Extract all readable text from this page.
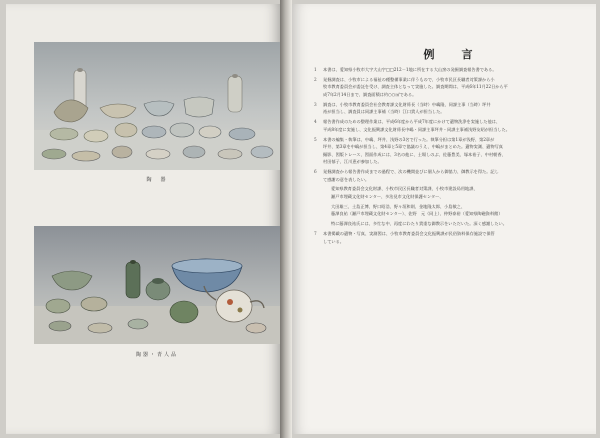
陶　器
陶器・青人品
例　言
1	本書は、愛知県小牧市大字大山字□□212－1地に所在する大山窯の発掘調査報告書である。
2	発掘調査は、小牧市による福祉の種整備事業に伴うもので、小牧市民区長職者対策課から小
牧市教育委員会が委託を受け、調査主体となって実施した。調査期間は、平成6年11月22日から平
成7年2月14日まで、調査面積は約○○㎡である。
3	調査は、小牧市教育委員会社会教育課文化財係長（当時）中嶋隆、同課主事（当時）坪井
裕が担当し、調査員は同課主事補（当時）江口貴人が担当した。
4	報告書作成のための整理作業は、平成6年度から平成7年度にかけて遺物洗浄を実施した他は、
平成8年度に実施し、文化振興課文化財係長中嶋・同課主事坪井・同課主事補浅野友昭が担当した。
5	本書の編集・執筆は、中嶋、坪井、浅野の3名で行った。執筆分担は第1章が浅野、第2章が
坪井、第3章を中嶋が担当し、第4章と5章で協議のうえ、中嶋がまとめた。遺物実測、遺物写真
撮影、図版トレース、図面作成には、3名の他に、土場しのぶ、佐藤豊美、塚本裕子、中村朝香、
村田郁子、江川恵が参加した。
6	発掘調査から報告書作成までの過程で、次の機関並びに個人から御協力、御教示を得た。記し
て感謝の意を表したい。
愛知県教育委員会文化財課、小牧市民区長職者対策課、小牧市建設局用地課、
瀬戸市埋蔵文化財センター、多治見市文化財保護センター、
大田雄三、土島正博、野口昭浩、野々垣和則、金地隆太郎、小島敏之、
藤澤良祐（瀬戸市埋蔵文化財センター）、佐野　元（同上）、仲野泰裕（愛知県陶磁資料館）
特に藤澤良祐氏には、多忙な中、再度にわたり貴重な御教示をいただいた。深く感謝したい。
7	本書掲載の遺物・写真、実測図は、小牧市教育委員会文化振興課が民俗資料保存施設で保管
している。
